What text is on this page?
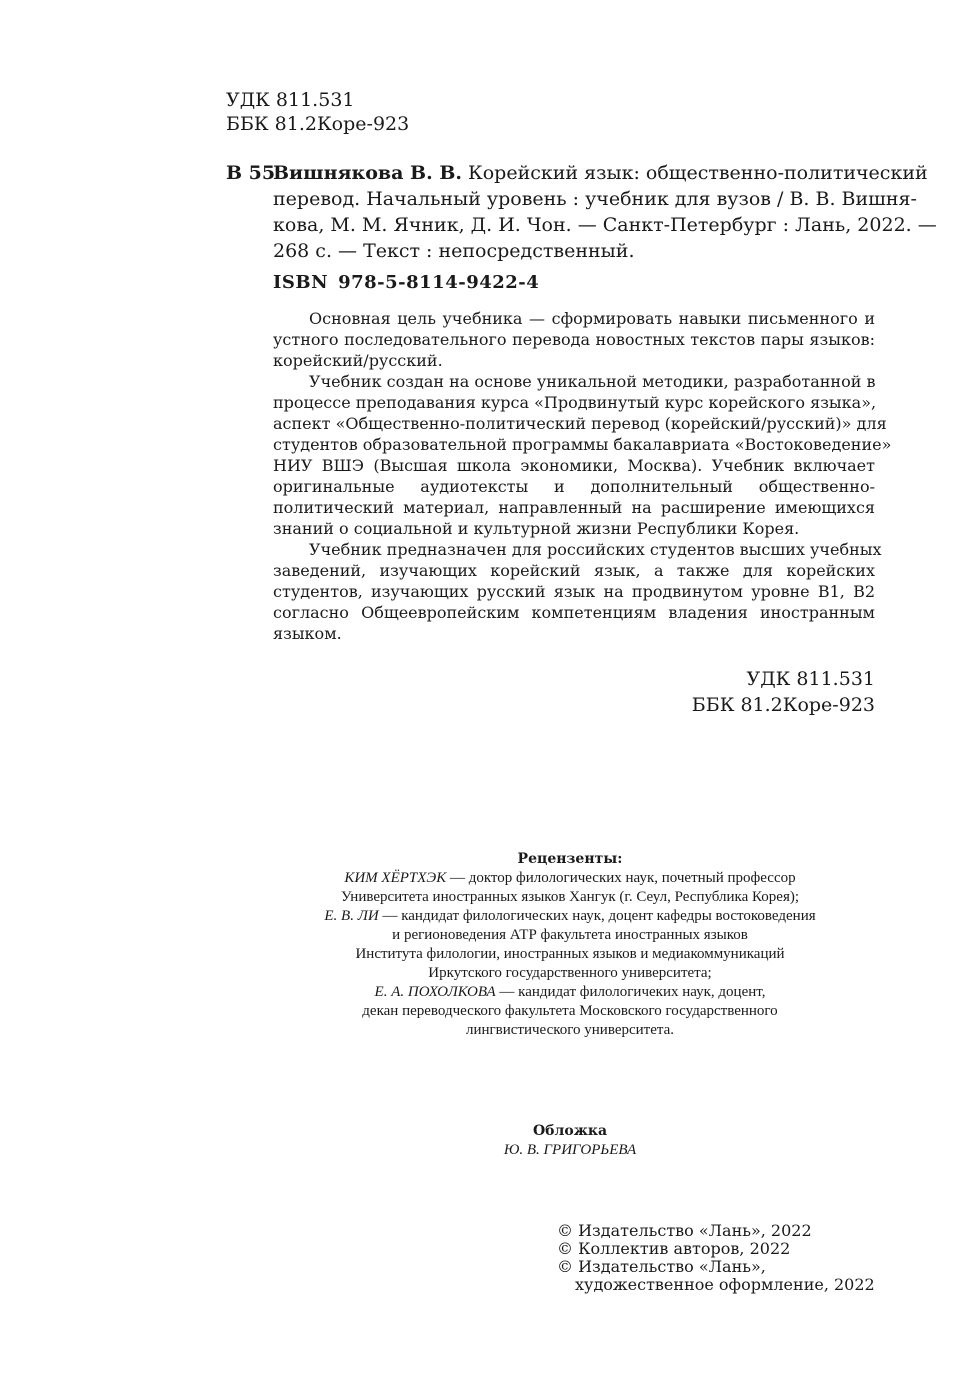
УДК 811.531
ББК 81.2Коре-923
В 55
Вишнякова В. В. Корейский язык: общественно-политический
перевод. Начальный уровень : учебник для вузов / В. В. Вишня-
кова, М. М. Ячник, Д. И. Чон. — Санкт-Петербург : Лань, 2022. —
268 с. — Текст : непосредственный.
ISBN 978-5-8114-9422-4

Основная цель учебника — сформировать навыки письменного и
устного последовательного перевода новостных текстов пары языков:
корейский/русский.

Учебник создан на основе уникальной методики, разработанной в
процессе преподавания курса «Продвинутый курс корейского языка»,
аспект «Общественно-политический перевод (корейский/русский)» для
студентов образовательной программы бакалавриата «Востоковедение»
НИУ ВШЭ (Высшая школа экономики, Москва). Учебник включает
оригинальные аудиотексты и дополнительный общественно-
политический материал, направленный на расширение имеющихся
знаний о социальной и культурной жизни Республики Корея.

Учебник предназначен для российских студентов высших учебных
заведений, изучающих корейский язык, а также для корейских
студентов, изучающих русский язык на продвинутом уровне В1, В2
согласно Общеевропейским компетенциям владения иностранным
языком.

УДК 811.531
ББК 81.2Коре-923
Рецензенты:
КИМ ХЁРТХЭК — доктор филологических наук, почетный профессор
Университета иностранных языков Хангук (г. Сеул, Республика Корея);
Е. В. ЛИ — кандидат филологических наук, доцент кафедры востоковедения
и регионоведения АТР факультета иностранных языков
Института филологии, иностранных языков и медиакоммуникаций
Иркутского государственного университета;
Е. А. ПОХОЛКОВА — кандидат филологичеких наук, доцент,
декан переводческого факультета Московского государственного
лингвистического университета.
Обложка
Ю. В. ГРИГОРЬЕВА
© Издательство «Лань», 2022
© Коллектив авторов, 2022
© Издательство «Лань»,
художественное оформление, 2022
